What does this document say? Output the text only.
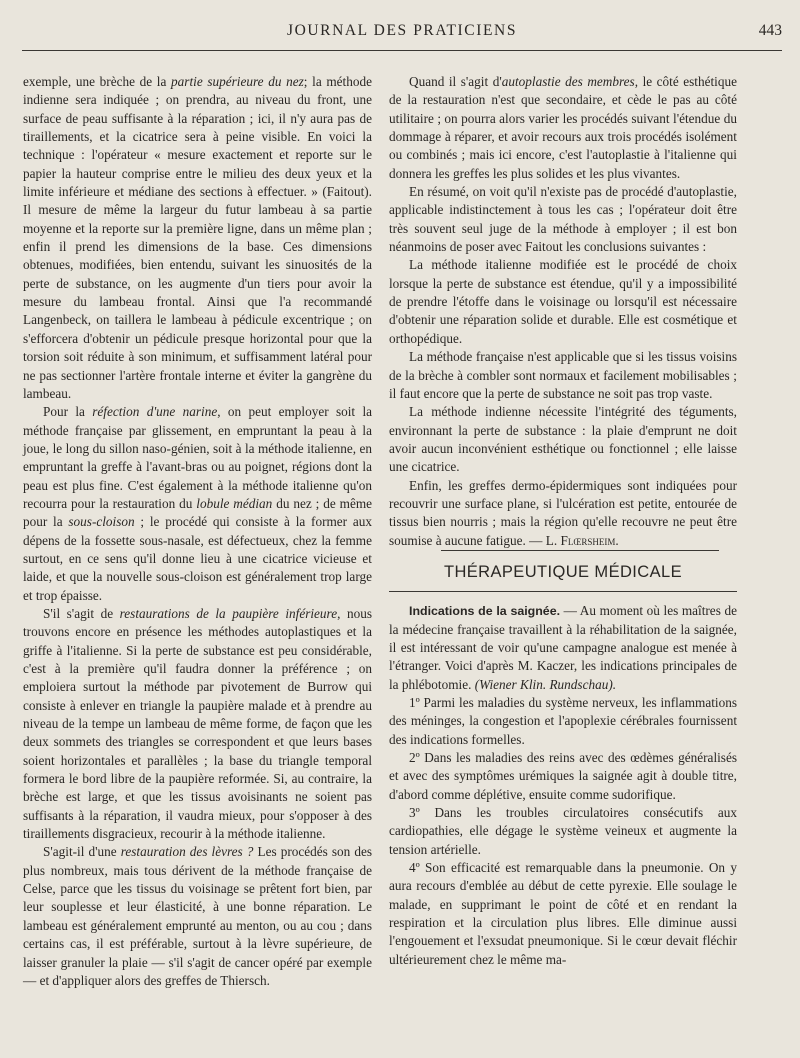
JOURNAL DES PRATICIENS	443

exemple, une brèche de la partie supérieure du nez; la méthode indienne sera indiquée ; on prendra, au niveau du front, une surface de peau suffisante à la réparation ; ici, il n'y aura pas de tiraillements, et la cicatrice sera à peine visible. En voici la technique : l'opérateur « mesure exactement et reporte sur le papier la hauteur comprise entre le milieu des deux yeux et la limite inférieure et médiane des sections à effectuer. » (Faitout). Il mesure de même la largeur du futur lambeau à sa partie moyenne et la reporte sur la première ligne, dans un même plan ; enfin il prend les dimensions de la base. Ces dimensions obtenues, modifiées, bien entendu, suivant les sinuosités de la perte de substance, on les augmente d'un tiers pour avoir la mesure du lambeau frontal. Ainsi que l'a recommandé Langenbeck, on taillera le lambeau à pédicule excentrique ; on s'efforcera d'obtenir un pédicule presque horizontal pour que la torsion soit réduite à son minimum, et suffisamment latéral pour ne pas sectionner l'artère frontale interne et éviter la gangrène du lambeau.

Pour la réfection d'une narine, on peut employer soit la méthode française par glissement, en empruntant la peau à la joue, le long du sillon naso-génien, soit à la méthode italienne, en empruntant la greffe à l'avant-bras ou au poignet, régions dont la peau est plus fine. C'est également à la méthode italienne qu'on recourra pour la restauration du lobule médian du nez ; de même pour la sous-cloison ; le procédé qui consiste à la former aux dépens de la fossette sous-nasale, est défectueux, chez la femme surtout, en ce sens qu'il donne lieu à une cicatrice vicieuse et laide, et que la nouvelle sous-cloison est généralement trop large et trop épaisse.

S'il s'agit de restaurations de la paupière inférieure, nous trouvons encore en présence les méthodes autoplastiques et la griffe à l'italienne. Si la perte de substance est peu considérable, c'est à la première qu'il faudra donner la préférence ; on emploiera surtout la méthode par pivotement de Burrow qui consiste à enlever en triangle la paupière malade et à prendre au niveau de la tempe un lambeau de même forme, de façon que les deux sommets des triangles se correspondent et que leurs bases soient horizontales et parallèles ; la base du triangle temporal formera le bord libre de la paupière reformée. Si, au contraire, la brèche est large, et que les tissus avoisinants ne soient pas suffisants à la réparation, il vaudra mieux, pour s'opposer à des tiraillements disgracieux, recourir à la méthode italienne.

S'agit-il d'une restauration des lèvres ? Les procédés son des plus nombreux, mais tous dérivent de la méthode française de Celse, parce que les tissus du voisinage se prêtent fort bien, par leur souplesse et leur élasticité, à une bonne réparation. Le lambeau est généralement emprunté au menton, ou au cou ; dans certains cas, il est préférable, surtout à la lèvre supérieure, de laisser granuler la plaie — s'il s'agit de cancer opéré par exemple — et d'appliquer alors des greffes de Thiersch.

Quand il s'agit d'autoplastie des membres, le côté esthétique de la restauration n'est que secondaire, et cède le pas au côté utilitaire ; on pourra alors varier les procédés suivant l'étendue du dommage à réparer, et avoir recours aux trois procédés isolément ou combinés ; mais ici encore, c'est l'autoplastie à l'italienne qui donnera les greffes les plus solides et les plus vivantes.

En résumé, on voit qu'il n'existe pas de procédé d'autoplastie, applicable indistinctement à tous les cas ; l'opérateur doit être très souvent seul juge de la méthode à employer ; il est bon néanmoins de poser avec Faitout les conclusions suivantes :

La méthode italienne modifiée est le procédé de choix lorsque la perte de substance est étendue, qu'il y a impossibilité de prendre l'étoffe dans le voisinage ou lorsqu'il est nécessaire d'obtenir une réparation solide et durable. Elle est cosmétique et orthopédique.

La méthode française n'est applicable que si les tissus voisins de la brèche à combler sont normaux et facilement mobilisables ; il faut encore que la perte de substance ne soit pas trop vaste.

La méthode indienne nécessite l'intégrité des téguments, environnant la perte de substance : la plaie d'emprunt ne doit avoir aucun inconvénient esthétique ou fonctionnel ; elle laisse une cicatrice.

Enfin, les greffes dermo-épidermiques sont indiquées pour recouvrir une surface plane, si l'ulcération est petite, entourée de tissus bien nourris ; mais la région qu'elle recouvre ne peut être soumise à aucune fatigue. — L. Flœrsheim.

THÉRAPEUTIQUE MÉDICALE

Indications de la saignée. — Au moment où les maîtres de la médecine française travaillent à la réhabilitation de la saignée, il est intéressant de voir qu'une campagne analogue est menée à l'étranger. Voici d'après M. Kaczer, les indications principales de la phlébotomie. (Wiener Klin. Rundschau).

1º Parmi les maladies du système nerveux, les inflammations des méninges, la congestion et l'apoplexie cérébrales fournissent des indications formelles.

2º Dans les maladies des reins avec des œdèmes généralisés et avec des symptômes urémiques la saignée agit à double titre, d'abord comme déplétive, ensuite comme sudorifique.

3º Dans les troubles circulatoires consécutifs aux cardiopathies, elle dégage le système veineux et augmente la tension artérielle.

4º Son efficacité est remarquable dans la pneumonie. On y aura recours d'emblée au début de cette pyrexie. Elle soulage le malade, en supprimant le point de côté et en rendant la respiration et la circulation plus libres. Elle diminue aussi l'engouement et l'exsudat pneumonique. Si le cœur devait fléchir ultérieurement chez le même ma-
